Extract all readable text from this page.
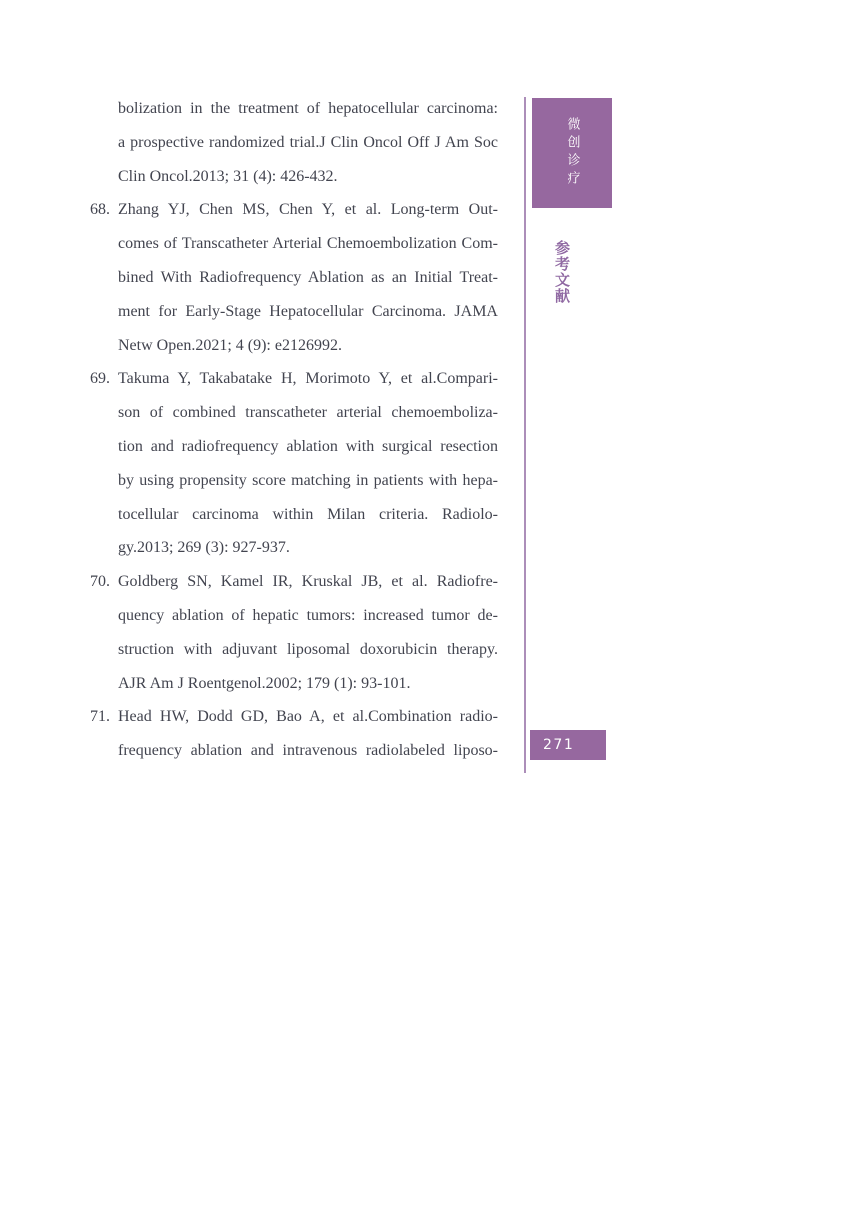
bolization in the treatment of hepatocellular carcinoma:
a prospective randomized trial.J Clin Oncol Off J Am Soc
Clin Oncol.2013; 31 (4): 426-432.
68. Zhang YJ, Chen MS, Chen Y, et al. Long-term Out-
comes of Transcatheter Arterial Chemoembolization Com-
bined With Radiofrequency Ablation as an Initial Treat-
ment for Early-Stage Hepatocellular Carcinoma. JAMA
Netw Open.2021; 4 (9): e2126992.
69. Takuma Y, Takabatake H, Morimoto Y, et al.Compari-
son of combined transcatheter arterial chemoemboliza-
tion and radiofrequency ablation with surgical resection
by using propensity score matching in patients with hepa-
tocellular carcinoma within Milan criteria. Radiolo-
gy.2013; 269 (3): 927-937.
70. Goldberg SN, Kamel IR, Kruskal JB, et al. Radiofre-
quency ablation of hepatic tumors: increased tumor de-
struction with adjuvant liposomal doxorubicin therapy.
AJR Am J Roentgenol.2002; 179 (1): 93-101.
71. Head HW, Dodd GD, Bao A, et al.Combination radio-
frequency ablation and intravenous radiolabeled liposo-
微创诊疗
参考文献
271
